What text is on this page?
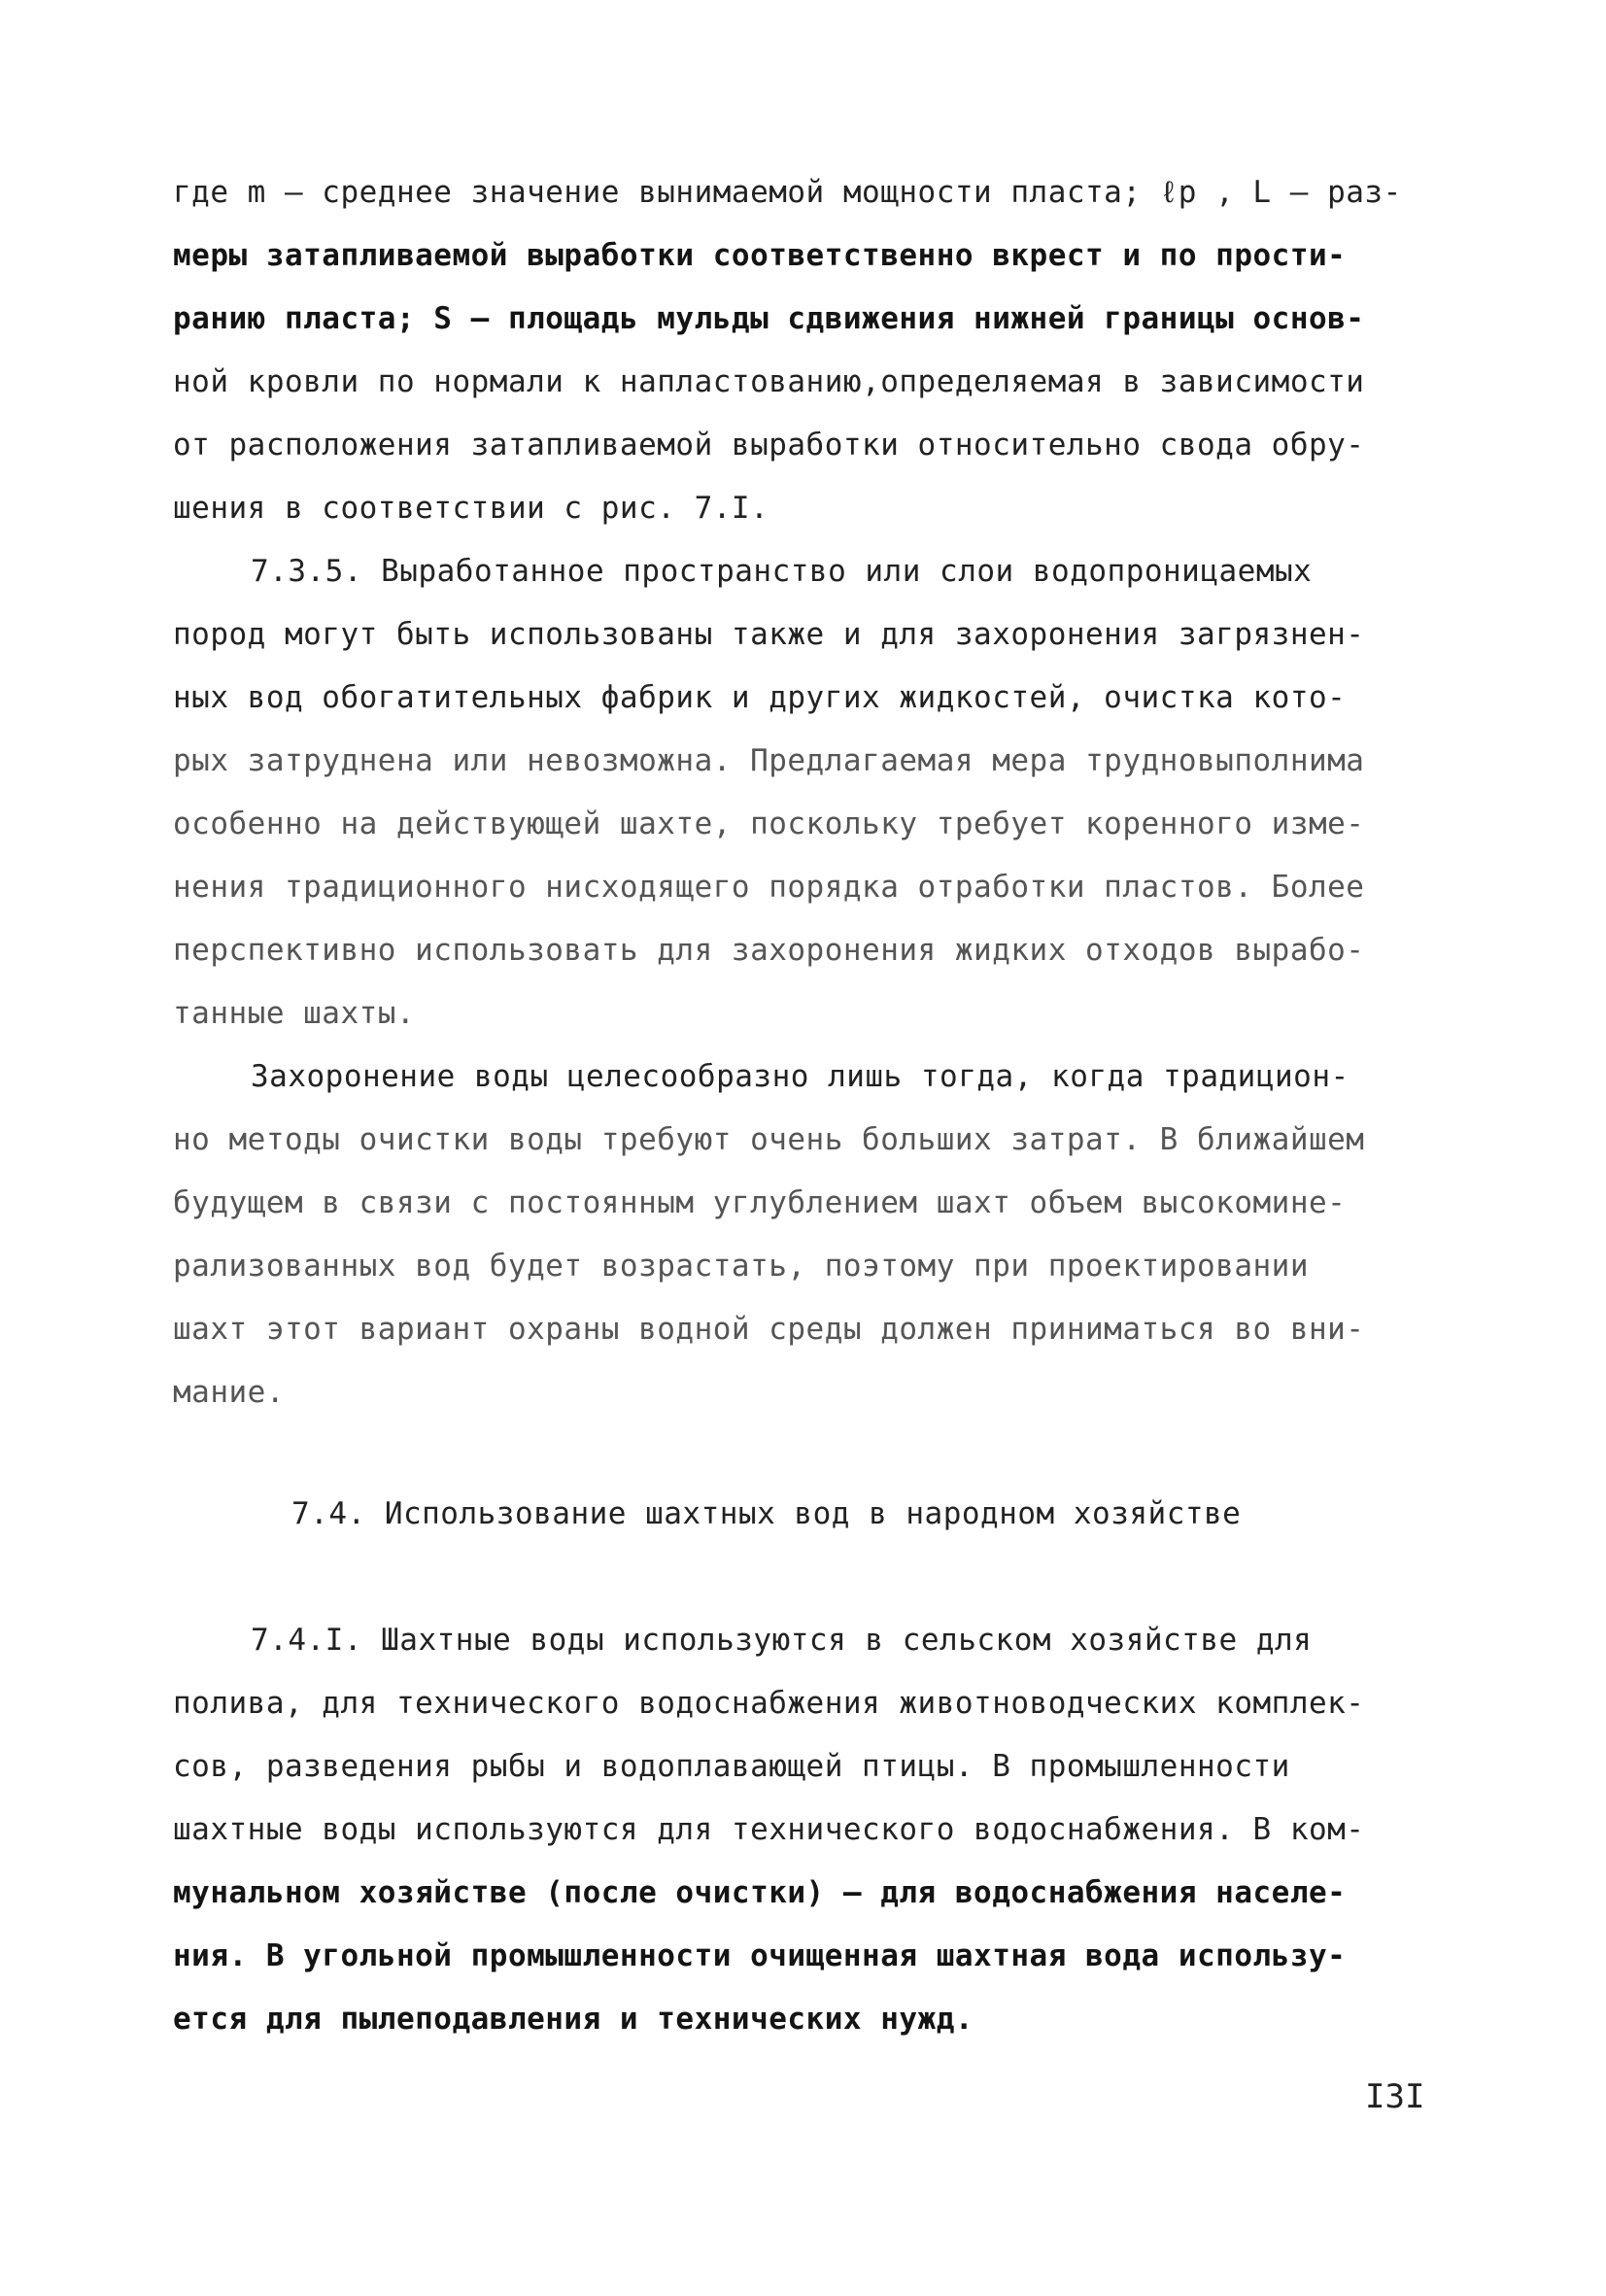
где m – среднее значение вынимаемой мощности пласта; ℓp , L – раз-
меры затапливаемой выработки соответственно вкрест и по прости-
ранию пласта; S – площадь мульды сдвижения нижней границы основ-
ной кровли по нормали к напластованию,определяемая в зависимости
от расположения затапливаемой выработки относительно свода обру-
шения в соответствии с рис. 7.I.
7.3.5. Выработанное пространство или слои водопроницаемых
пород могут быть использованы также и для захоронения загрязнен-
ных вод обогатительных фабрик и других жидкостей, очистка кото-
рых затруднена или невозможна. Предлагаемая мера трудновыполнима
особенно на действующей шахте, поскольку требует коренного изме-
нения традиционного нисходящего порядка отработки пластов. Более
перспективно использовать для захоронения жидких отходов вырабо-
танные шахты.
Захоронение воды целесообразно лишь тогда, когда традицион-
но методы очистки воды требуют очень больших затрат. В ближайшем
будущем в связи с постоянным углублением шахт объем высокомине-
рализованных вод будет возрастать, поэтому при проектировании
шахт этот вариант охраны водной среды должен приниматься во вни-
мание.
7.4. Использование шахтных вод в народном хозяйстве
7.4.I. Шахтные воды используются в сельском хозяйстве для
полива, для технического водоснабжения животноводческих комплек-
сов, разведения рыбы и водоплавающей птицы. В промышленности
шахтные воды используются для технического водоснабжения. В ком-
мунальном хозяйстве (после очистки) – для водоснабжения населе-
ния. В угольной промышленности очищенная шахтная вода использу-
ется для пылеподавления и технических нужд.
I3I
